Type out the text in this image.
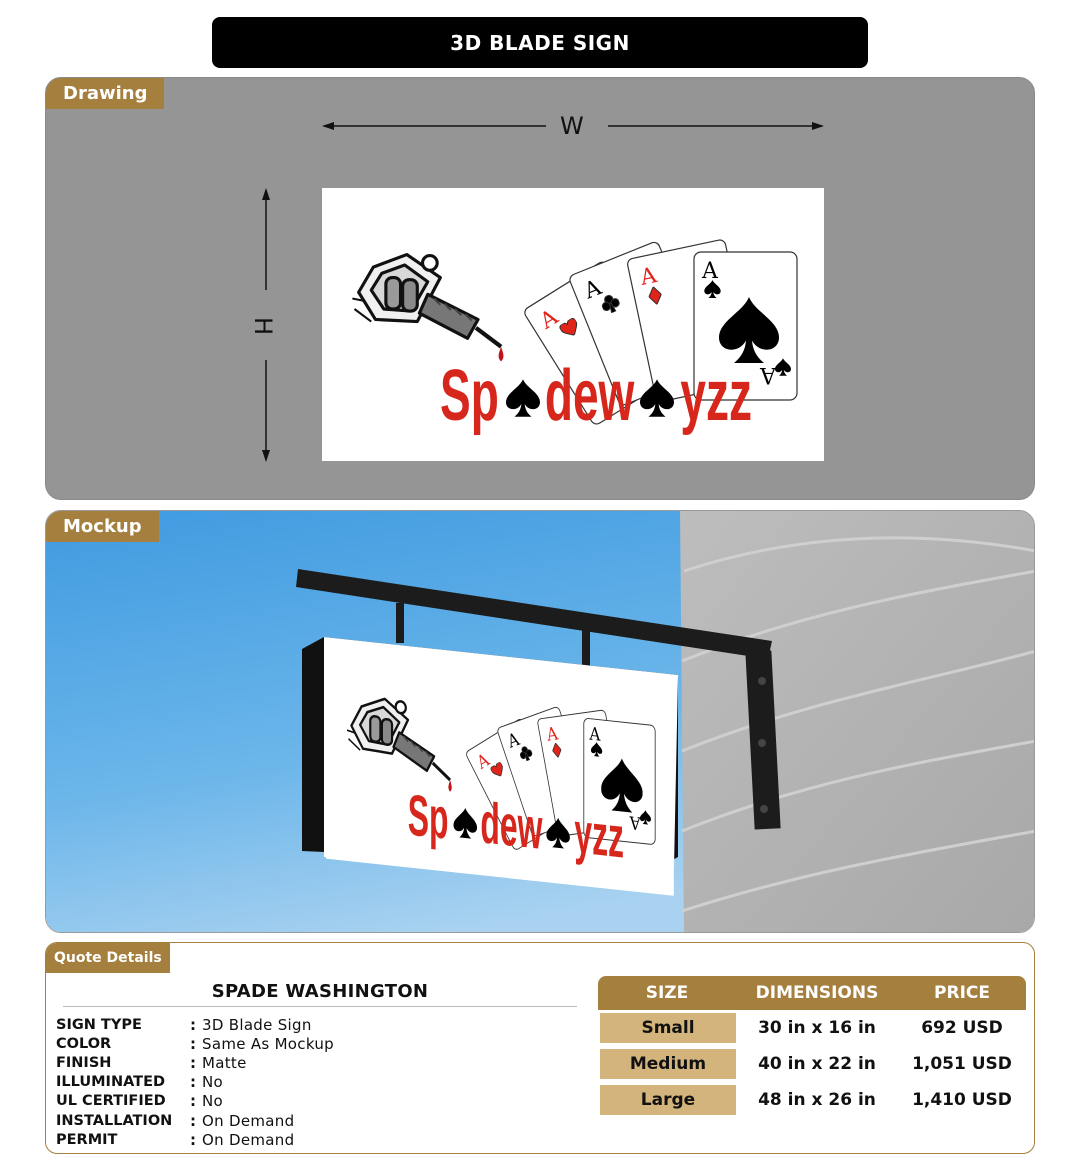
3D BLADE SIGN
Drawing
W
H
Mockup
Quote Details
SPADE WASHINGTON
SIGN TYPE	: 3D Blade Sign
COLOR	: Same As Mockup
FINISH	: Matte
ILLUMINATED	: No
UL CERTIFIED	: No
INSTALLATION	: On Demand
PERMIT	: On Demand
SIZE	DIMENSIONS	PRICE
Small	30 in x 16 in	692 USD
Medium	40 in x 22 in	1,051 USD
Large	48 in x 26 in	1,410 USD
